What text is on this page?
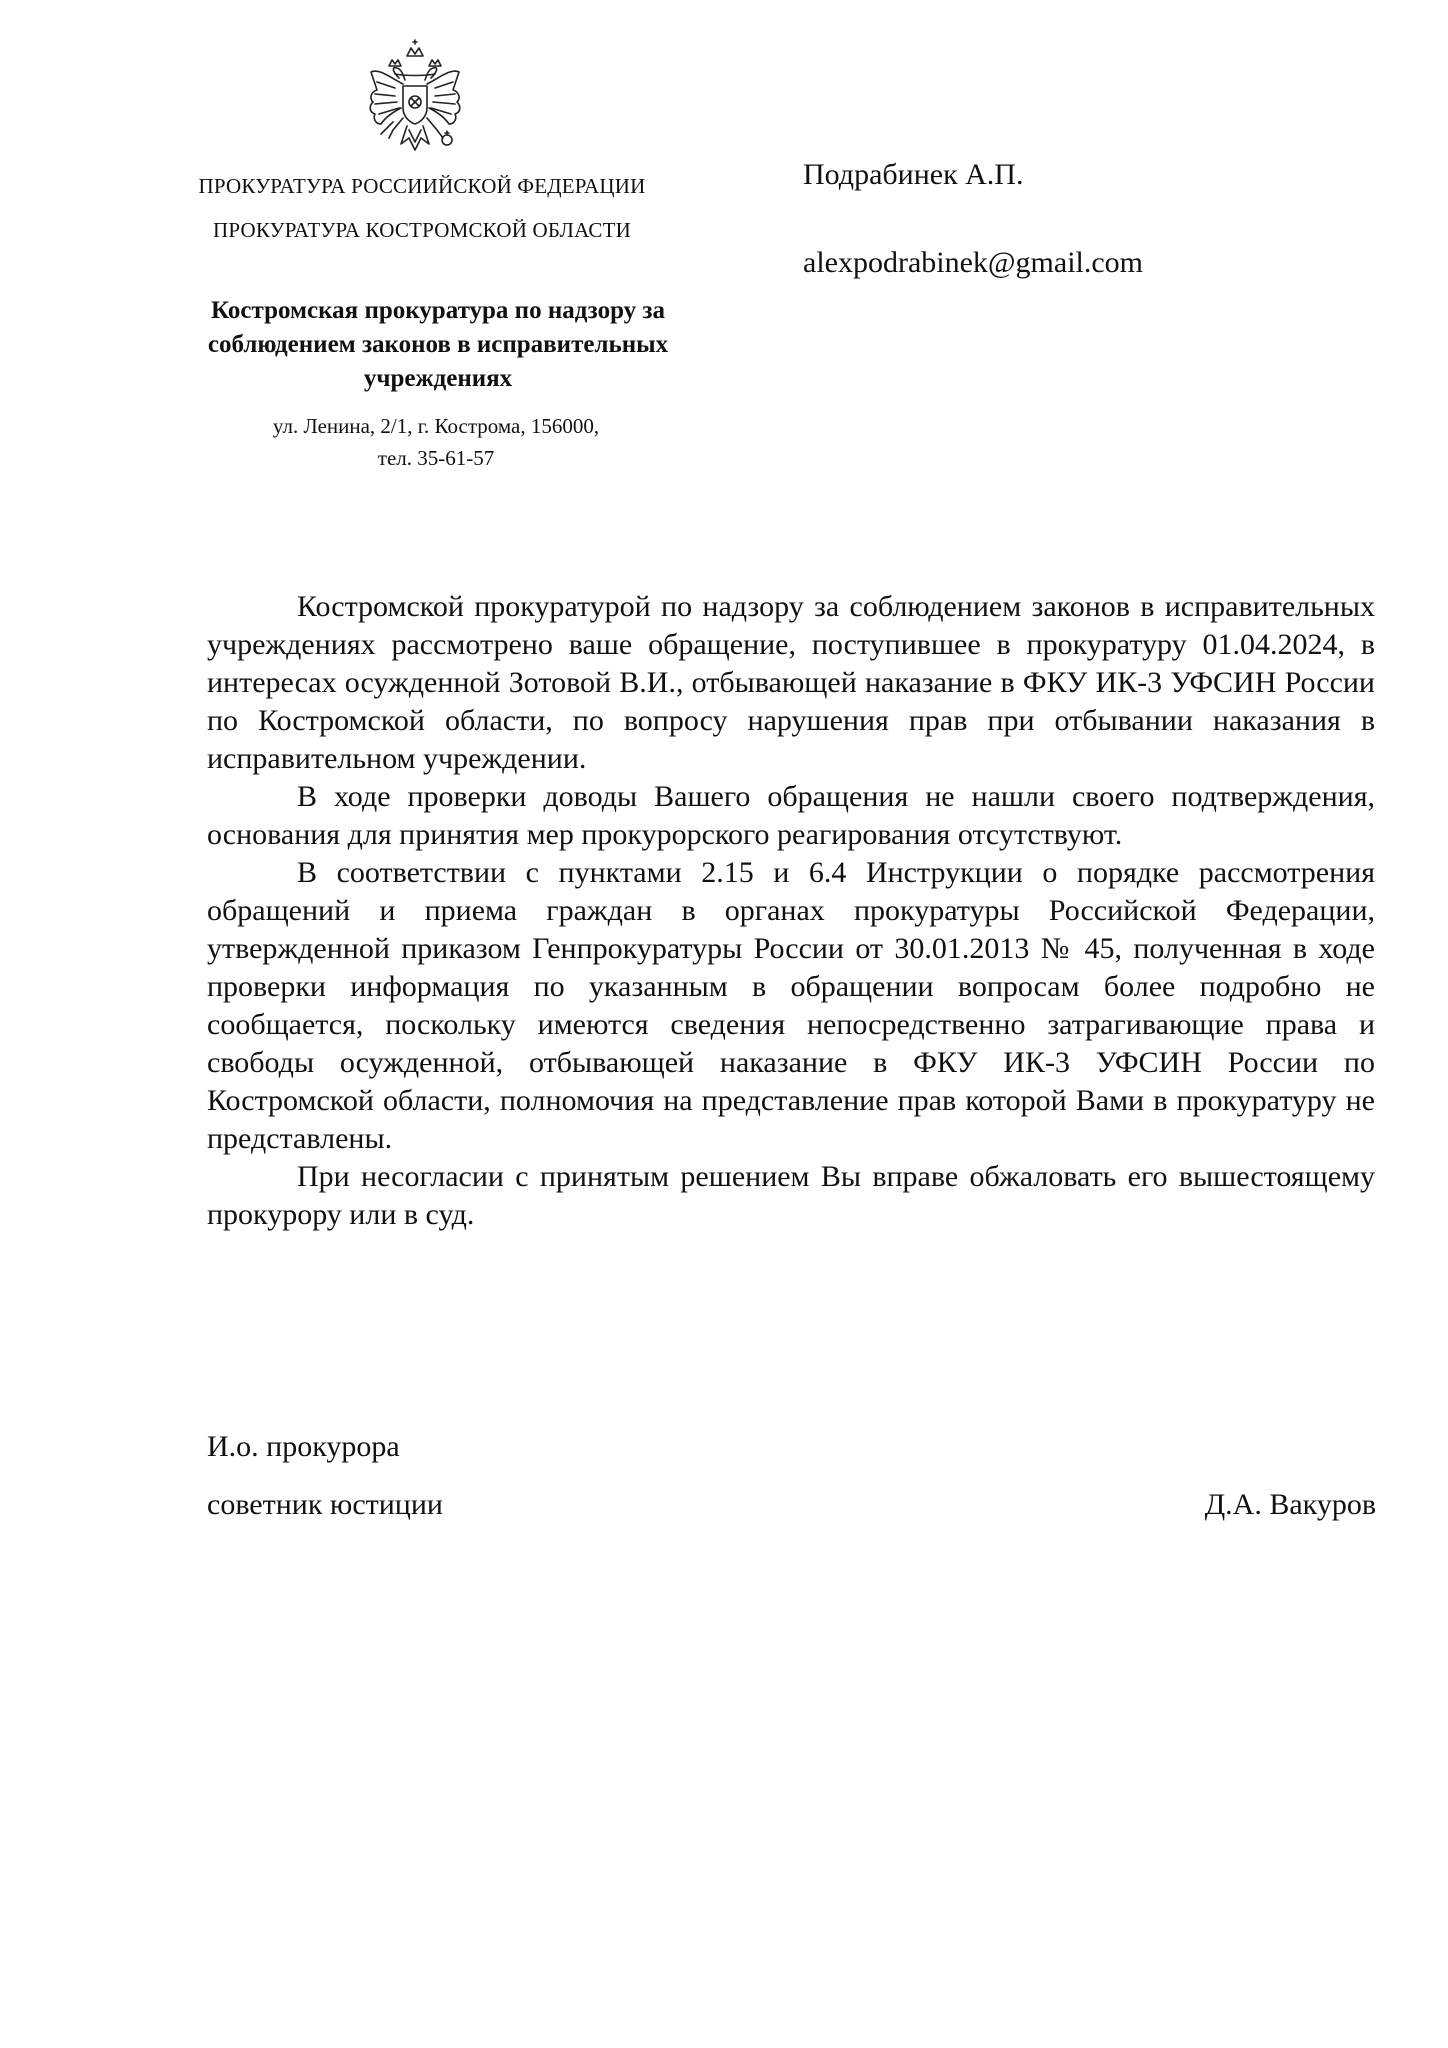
ПРОКУРАТУРА РОССИИЙСКОЙ ФЕДЕРАЦИИ
ПРОКУРАТУРА КОСТРОМСКОЙ ОБЛАСТИ
Костромская прокуратура по надзору за соблюдением законов в исправительных учреждениях
ул. Ленина, 2/1, г. Кострома, 156000,
тел. 35-61-57
Подрабинек А.П.
alexpodrabinek@gmail.com

Костромской прокуратурой по надзору за соблюдением законов в исправительных учреждениях рассмотрено ваше обращение, поступившее в прокуратуру 01.04.2024, в интересах осужденной Зотовой В.И., отбывающей наказание в ФКУ ИК-3 УФСИН России по Костромской области, по вопросу нарушения прав при отбывании наказания в исправительном учреждении.

В ходе проверки доводы Вашего обращения не нашли своего подтверждения, основания для принятия мер прокурорского реагирования отсутствуют.

В соответствии с пунктами 2.15 и 6.4 Инструкции о порядке рассмотрения обращений и приема граждан в органах прокуратуры Российской Федерации, утвержденной приказом Генпрокуратуры России от 30.01.2013 № 45, полученная в ходе проверки информация по указанным в обращении вопросам более подробно не сообщается, поскольку имеются сведения непосредственно затрагивающие права и свободы осужденной, отбывающей наказание в ФКУ ИК-3 УФСИН России по Костромской области, полномочия на представление прав которой Вами в прокуратуру не представлены.

При несогласии с принятым решением Вы вправе обжаловать его вышестоящему прокурору или в суд.

И.о. прокурора
советник юстиции	Д.А. Вакуров
